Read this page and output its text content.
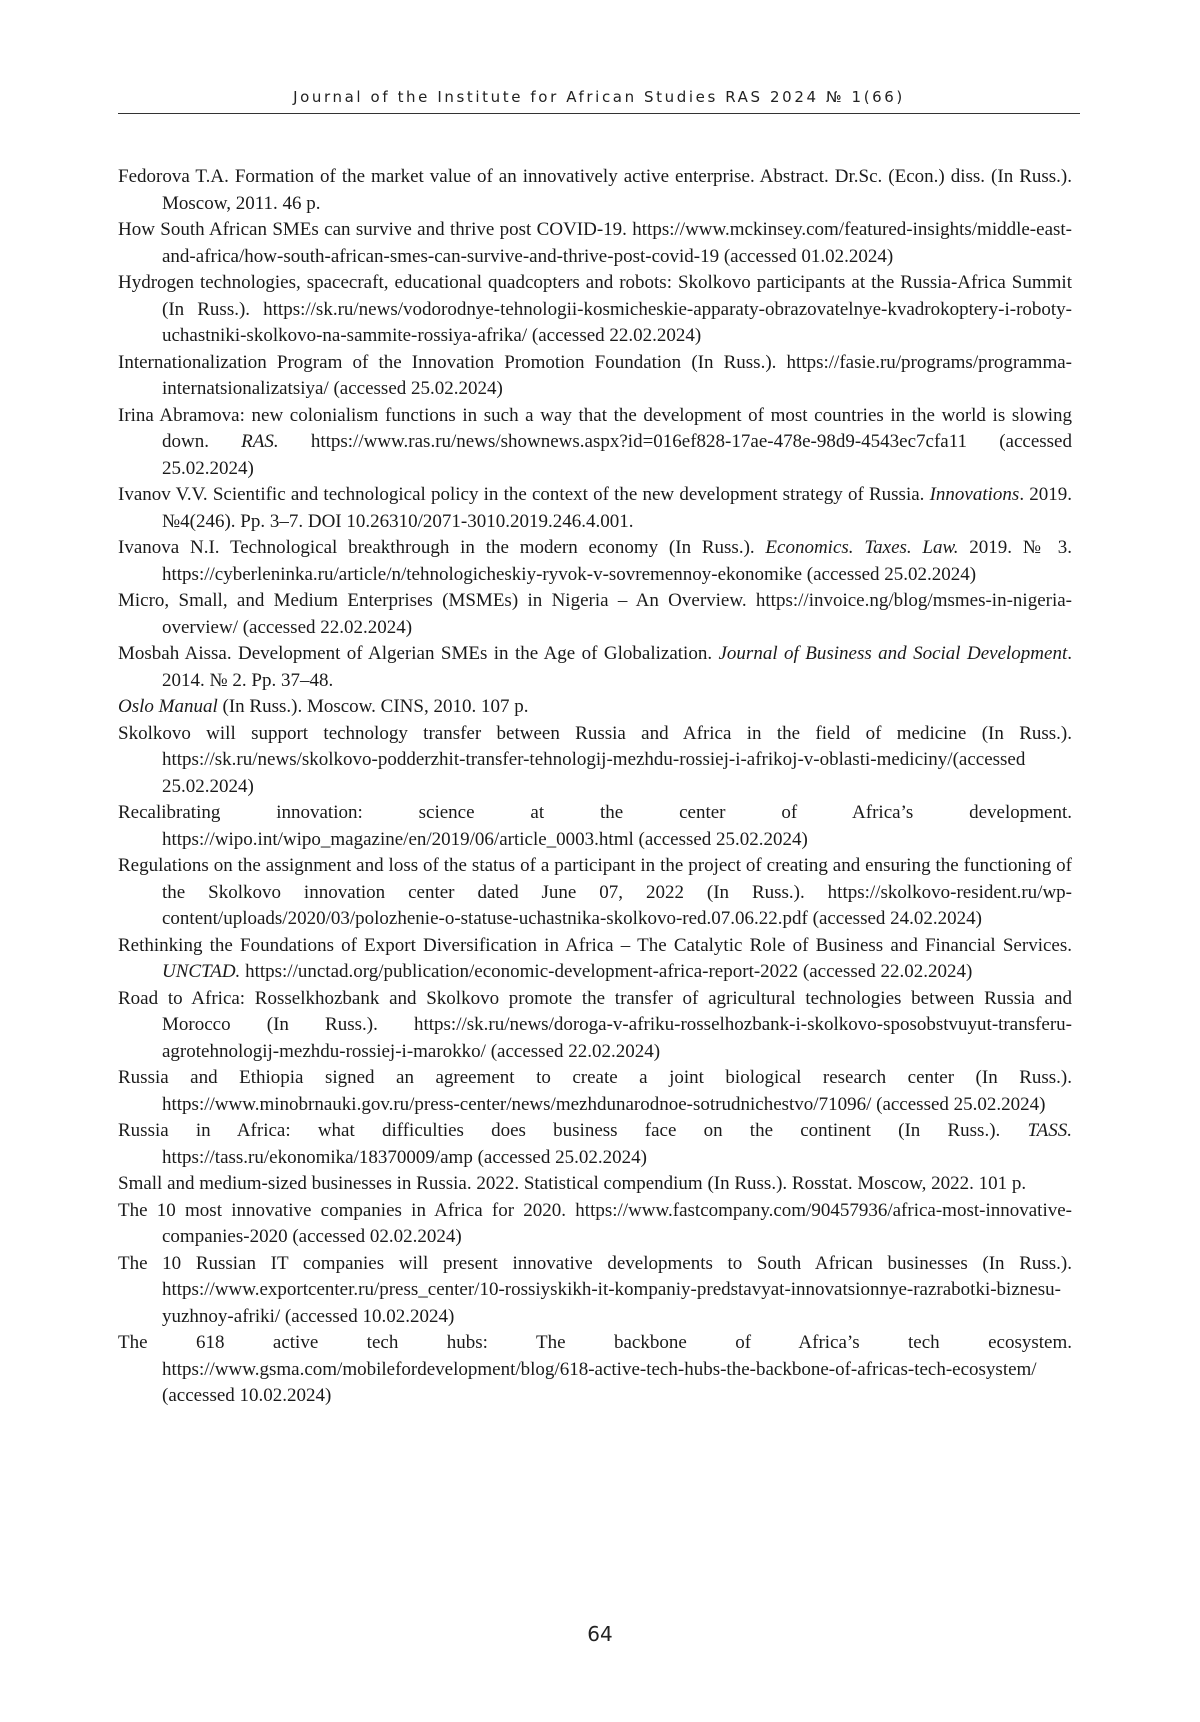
Journal of the Institute for African Studies RAS 2024 № 1(66)

Fedorova T.A. Formation of the market value of an innovatively active enterprise. Abstract. Dr.Sc. (Econ.) diss. (In Russ.). Moscow, 2011. 46 p.

How South African SMEs can survive and thrive post COVID-19. https://www.mckinsey.com/featured-insights/middle-east-and-africa/how-south-african-smes-can-survive-and-thrive-post-covid-19 (accessed 01.02.2024)

Hydrogen technologies, spacecraft, educational quadcopters and robots: Skolkovo participants at the Russia-Africa Summit (In Russ.). https://sk.ru/news/vodorodnye-tehnologii-kosmicheskie-apparaty-obrazovatelnye-kvadrokoptery-i-roboty-uchastniki-skolkovo-na-sammite-rossiya-afrika/ (accessed 22.02.2024)

Internationalization Program of the Innovation Promotion Foundation (In Russ.). https://fasie.ru/programs/programma-internatsionalizatsiya/ (accessed 25.02.2024)

Irina Abramova: new colonialism functions in such a way that the development of most countries in the world is slowing down. RAS. https://www.ras.ru/news/shownews.aspx?id=016ef828-17ae-478e-98d9-4543ec7cfa11 (accessed 25.02.2024)

Ivanov V.V. Scientific and technological policy in the context of the new development strategy of Russia. Innovations. 2019. №4(246). Pp. 3–7. DOI 10.26310/2071-3010.2019.246.4.001.

Ivanova N.I. Technological breakthrough in the modern economy (In Russ.). Economics. Taxes. Law. 2019. № 3. https://cyberleninka.ru/article/n/tehnologicheskiy-ryvok-v-sovremennoy-ekonomike (accessed 25.02.2024)

Micro, Small, and Medium Enterprises (MSMEs) in Nigeria – An Overview. https://invoice.ng/blog/msmes-in-nigeria-overview/ (accessed 22.02.2024)

Mosbah Aissa. Development of Algerian SMEs in the Age of Globalization. Journal of Business and Social Development. 2014. № 2. Pp. 37–48.

Oslo Manual (In Russ.). Moscow. CINS, 2010. 107 p.

Skolkovo will support technology transfer between Russia and Africa in the field of medicine (In Russ.). https://sk.ru/news/skolkovo-podderzhit-transfer-tehnologij-mezhdu-rossiej-i-afrikoj-v-oblasti-mediciny/(accessed 25.02.2024)

Recalibrating innovation: science at the center of Africa’s development. https://wipo.int/wipo_magazine/en/2019/06/article_0003.html (accessed 25.02.2024)

Regulations on the assignment and loss of the status of a participant in the project of creating and ensuring the functioning of the Skolkovo innovation center dated June 07, 2022 (In Russ.). https://skolkovo-resident.ru/wp-content/uploads/2020/03/polozhenie-o-statuse-uchastnika-skolkovo-red.07.06.22.pdf (accessed 24.02.2024)

Rethinking the Foundations of Export Diversification in Africa – The Catalytic Role of Business and Financial Services. UNCTAD. https://unctad.org/publication/economic-development-africa-report-2022 (accessed 22.02.2024)

Road to Africa: Rosselkhozbank and Skolkovo promote the transfer of agricultural technologies between Russia and Morocco (In Russ.). https://sk.ru/news/doroga-v-afriku-rosselhozbank-i-skolkovo-sposobstvuyut-transferu-agrotehnologij-mezhdu-rossiej-i-marokko/ (accessed 22.02.2024)

Russia and Ethiopia signed an agreement to create a joint biological research center (In Russ.). https://www.minobrnauki.gov.ru/press-center/news/mezhdunarodnoe-sotrudnichestvo/71096/ (accessed 25.02.2024)

Russia in Africa: what difficulties does business face on the continent (In Russ.). TASS. https://tass.ru/ekonomika/18370009/amp (accessed 25.02.2024)

Small and medium-sized businesses in Russia. 2022. Statistical compendium (In Russ.). Rosstat. Moscow, 2022. 101 p.

The 10 most innovative companies in Africa for 2020. https://www.fastcompany.com/90457936/africa-most-innovative-companies-2020 (accessed 02.02.2024)

The 10 Russian IT companies will present innovative developments to South African businesses (In Russ.). https://www.exportcenter.ru/press_center/10-rossiyskikh-it-kompaniy-predstavyat-innovatsionnye-razrabotki-biznesu-yuzhnoy-afriki/ (accessed 10.02.2024)

The 618 active tech hubs: The backbone of Africa’s tech ecosystem. https://www.gsma.com/mobilefordevelopment/blog/618-active-tech-hubs-the-backbone-of-africas-tech-ecosystem/ (accessed 10.02.2024)

64
